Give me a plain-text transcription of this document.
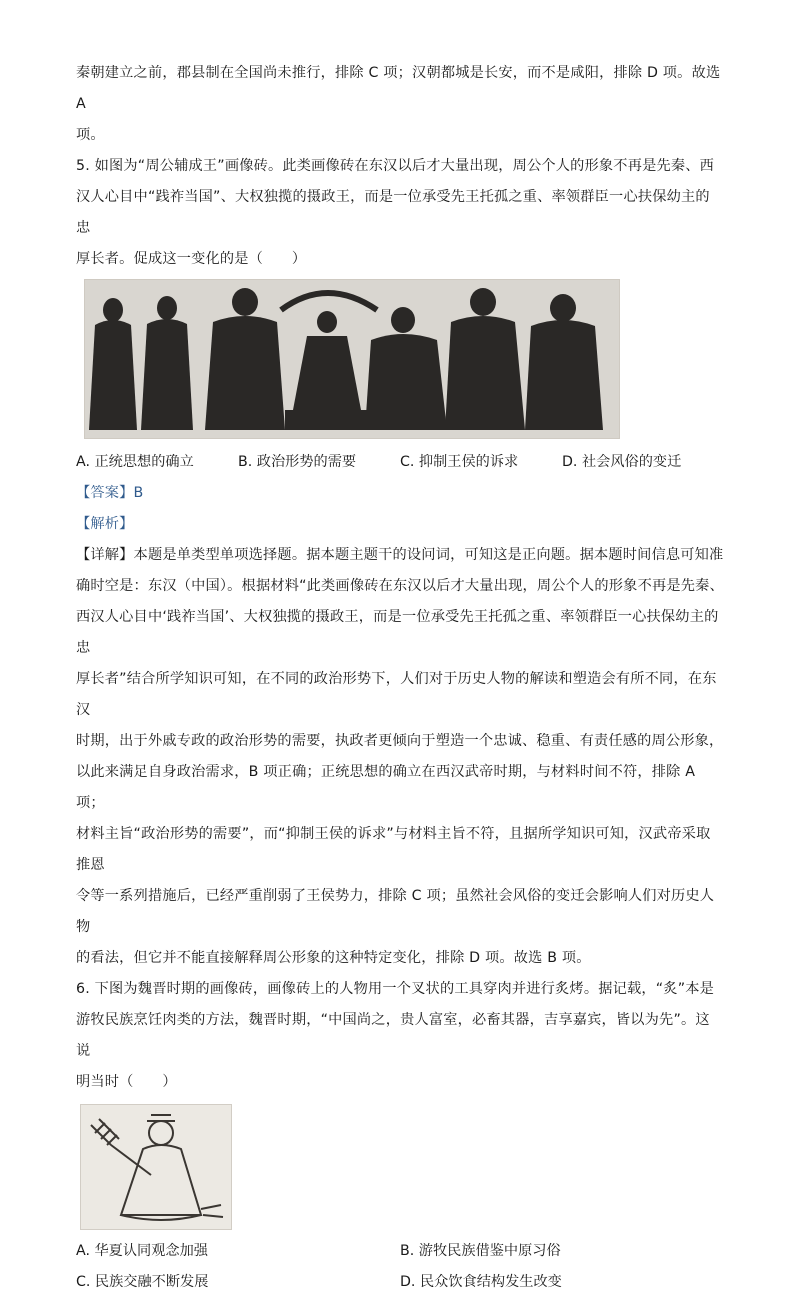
秦朝建立之前，郡县制在全国尚未推行，排除 C 项；汉朝都城是长安，而不是咸阳，排除 D 项。故选 A

项。

5. 如图为“周公辅成王”画像砖。此类画像砖在东汉以后才大量出现，周公个人的形象不再是先秦、西

汉人心目中“践祚当国”、大权独揽的摄政王，而是一位承受先王托孤之重、率领群臣一心扶保幼主的忠

厚长者。促成这一变化的是（　　）

A. 正统思想的确立	B. 政治形势的需要	C. 抑制王侯的诉求	D. 社会风俗的变迁

【答案】B

【解析】

【详解】本题是单类型单项选择题。据本题主题干的设问词，可知这是正向题。据本题时间信息可知准

确时空是：东汉（中国）。根据材料“此类画像砖在东汉以后才大量出现，周公个人的形象不再是先秦、

西汉人心目中‘践祚当国’、大权独揽的摄政王，而是一位承受先王托孤之重、率领群臣一心扶保幼主的忠

厚长者”结合所学知识可知，在不同的政治形势下，人们对于历史人物的解读和塑造会有所不同，在东汉

时期，出于外戚专政的政治形势的需要，执政者更倾向于塑造一个忠诚、稳重、有责任感的周公形象，

以此来满足自身政治需求，B 项正确；正统思想的确立在西汉武帝时期，与材料时间不符，排除 A 项；

材料主旨“政治形势的需要”，而“抑制王侯的诉求”与材料主旨不符，且据所学知识可知，汉武帝采取推恩

令等一系列措施后，已经严重削弱了王侯势力，排除 C 项；虽然社会风俗的变迁会影响人们对历史人物

的看法，但它并不能直接解释周公形象的这种特定变化，排除 D 项。故选 B 项。

6. 下图为魏晋时期的画像砖，画像砖上的人物用一个叉状的工具穿肉并进行炙烤。据记载，“炙”本是

游牧民族烹饪肉类的方法，魏晋时期，“中国尚之，贵人富室，必畜其器，吉享嘉宾，皆以为先”。这说

明当时（　　）

A. 华夏认同观念加强	B. 游牧民族借鉴中原习俗
C. 民族交融不断发展	D. 民众饮食结构发生改变
